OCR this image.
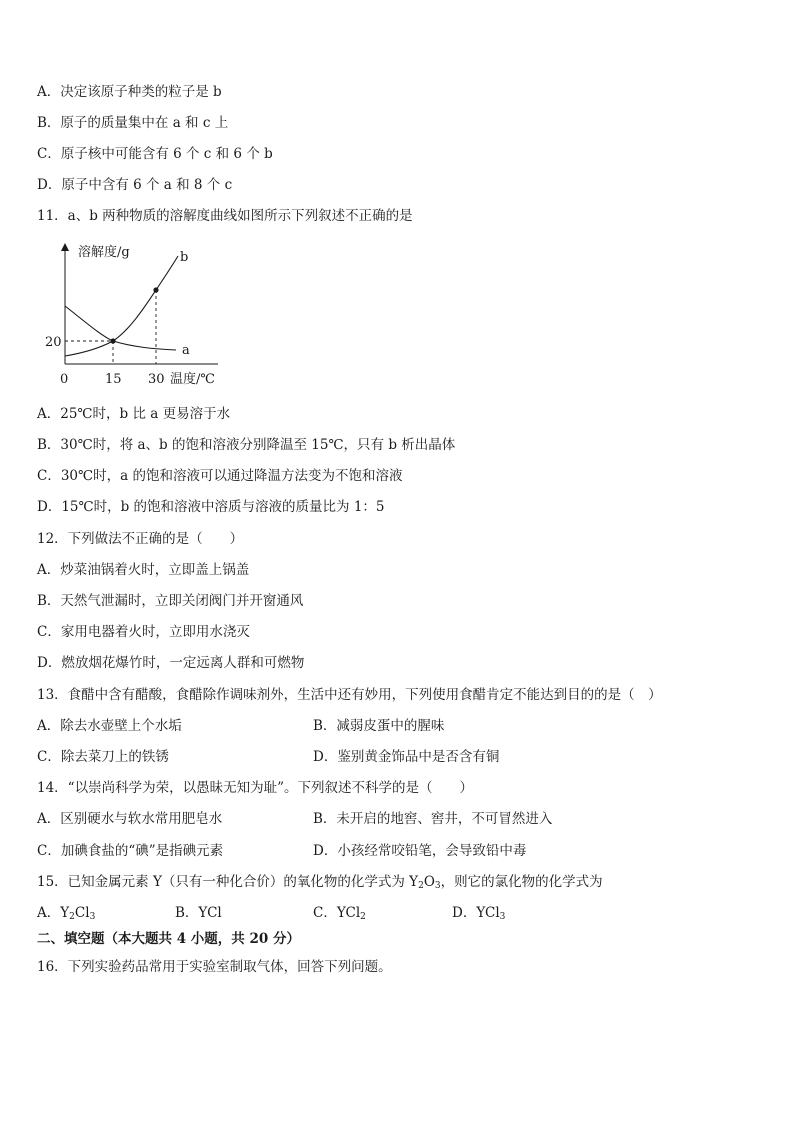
A．决定该原子种类的粒子是 b
B．原子的质量集中在 a 和 c 上
C．原子核中可能含有 6 个 c 和 6 个 b
D．原子中含有 6 个 a 和 8 个 c
11．a、b 两种物质的溶解度曲线如图所示下列叙述不正确的是
溶解度/g	b
a
20
0	15 30 温度/℃
A．25℃时，b 比 a 更易溶于水
B．30℃时，将 a、b 的饱和溶液分别降温至 15℃，只有 b 析出晶体
C．30℃时，a 的饱和溶液可以通过降温方法变为不饱和溶液
D．15℃时，b 的饱和溶液中溶质与溶液的质量比为 1：5
12．下列做法不正确的是（　　）
A．炒菜油锅着火时，立即盖上锅盖
B．天然气泄漏时，立即关闭阀门并开窗通风
C．家用电器着火时，立即用水浇灭
D．燃放烟花爆竹时，一定远离人群和可燃物
13．食醋中含有醋酸，食醋除作调味剂外，生活中还有妙用，下列使用食醋肯定不能达到目的的是（　）
A．除去水壶壁上个水垢	B．减弱皮蛋中的腥味
C．除去菜刀上的铁锈	D．鉴别黄金饰品中是否含有铜
14．“以崇尚科学为荣，以愚昧无知为耻”。下列叙述不科学的是（　　）
A．区别硬水与软水常用肥皂水	B．未开启的地窖、窖井，不可冒然进入
C．加碘食盐的“碘”是指碘元素	D．小孩经常咬铅笔，会导致铅中毒
15．已知金属元素 Y（只有一种化合价）的氧化物的化学式为 $Y_2O_3$，则它的氯化物的化学式为
A．$Y_2Cl_3$	B．YCl	C．YCl$_2$	D．YCl$_3$
二、填空题（本大题共 4 小题，共 20 分）
16．下列实验药品常用于实验室制取气体，回答下列问题。
